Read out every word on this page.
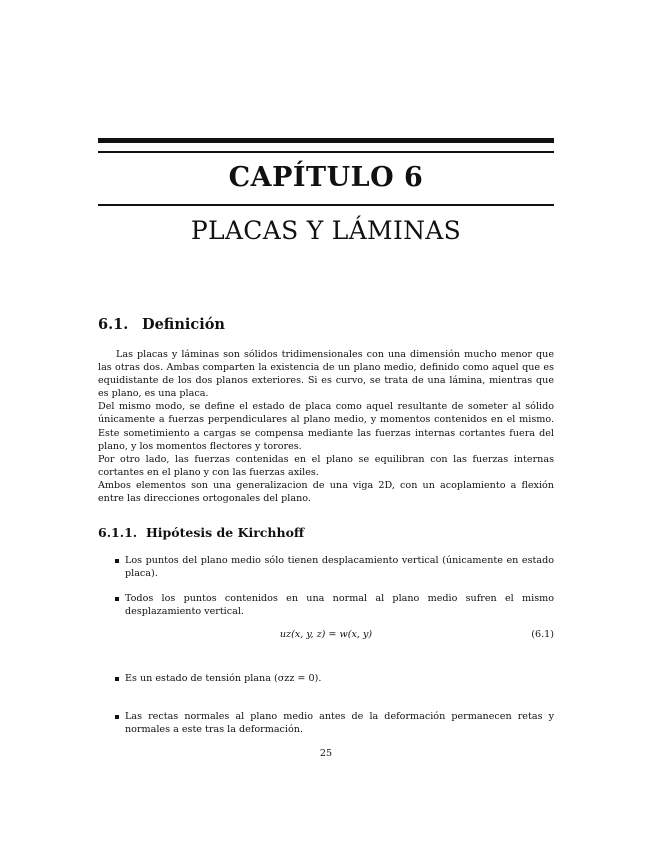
CAPÍTULO 6
PLACAS Y LÁMINAS
6.1. Definición

Las placas y láminas son sólidos tridimensionales con una dimensión mucho menor que las otras dos. Ambas comparten la existencia de un plano medio, definido como aquel que es equidistante de los dos planos exteriores. Si es curvo, se trata de una lámina, mientras que es plano, es una placa.

Del mismo modo, se define el estado de placa como aquel resultante de someter al sólido únicamente a fuerzas perpendiculares al plano medio, y momentos contenidos en el mismo. Este sometimiento a cargas se compensa mediante las fuerzas internas cortantes fuera del plano, y los momentos flectores y torores.

Por otro lado, las fuerzas contenidas en el plano se equilibran con las fuerzas internas cortantes en el plano y con las fuerzas axiles.

Ambos elementos son una generalizacion de una viga 2D, con un acoplamiento a flexión entre las direcciones ortogonales del plano.

6.1.1. Hipótesis de Kirchhoff
Los puntos del plano medio sólo tienen desplacamiento vertical (únicamente en estado placa).
Todos los puntos contenidos en una normal al plano medio sufren el mismo desplazamiento vertical.
Es un estado de tensión plana (σzz = 0).
Las rectas normales al plano medio antes de la deformación permanecen retas y normales a este tras la deformación.
uz(x, y, z) = w(x, y)	(6.1)
25
